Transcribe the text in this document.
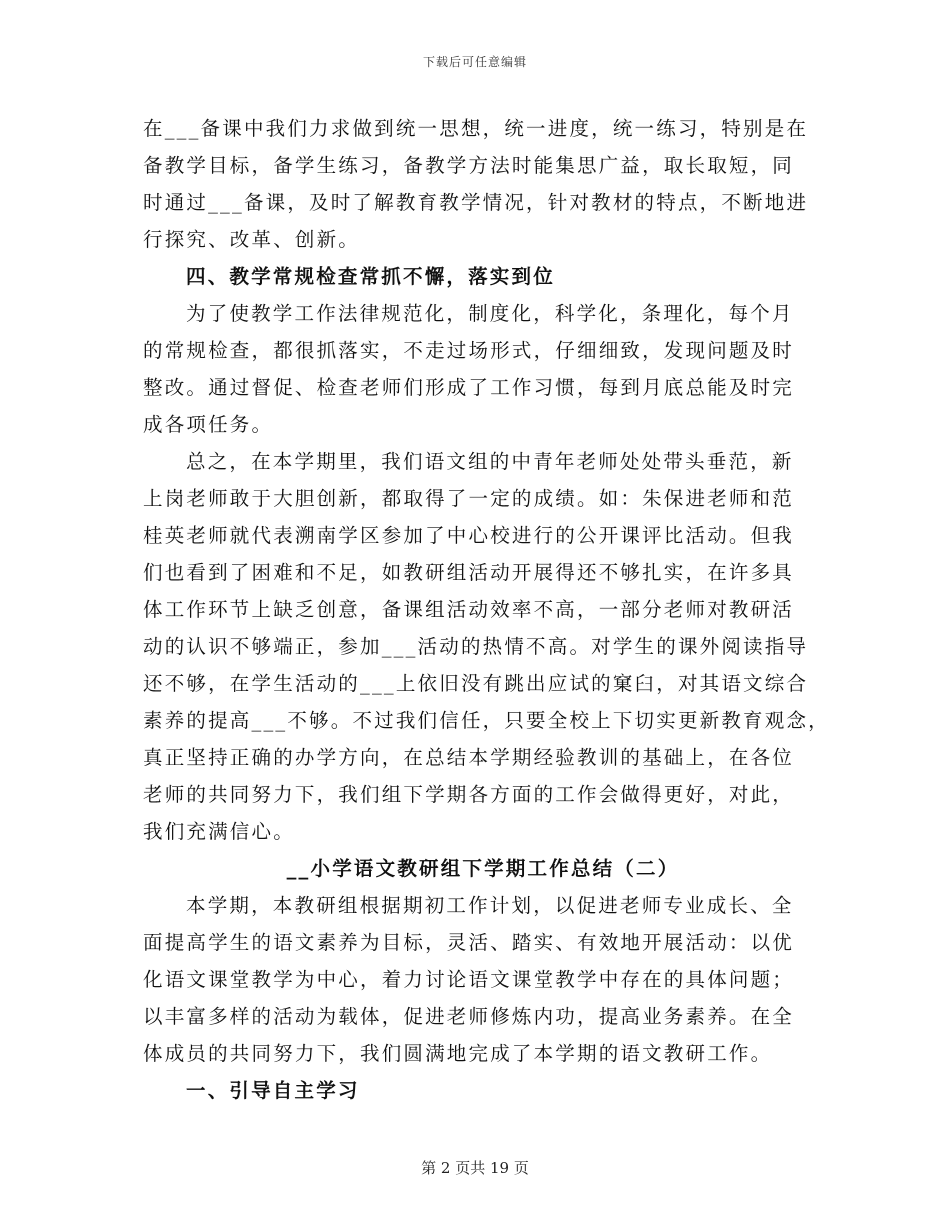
下载后可任意编辑
在___备课中我们力求做到统一思想，统一进度，统一练习，特别是在
备教学目标，备学生练习，备教学方法时能集思广益，取长取短，同
时通过___备课，及时了解教育教学情况，针对教材的特点，不断地进
行探究、改革、创新。
四、教学常规检查常抓不懈，落实到位
为了使教学工作法律规范化，制度化，科学化，条理化，每个月
的常规检查，都很抓落实，不走过场形式，仔细细致，发现问题及时
整改。通过督促、检查老师们形成了工作习惯，每到月底总能及时完
成各项任务。
总之，在本学期里，我们语文组的中青年老师处处带头垂范，新
上岗老师敢于大胆创新，都取得了一定的成绩。如：朱保进老师和范
桂英老师就代表溯南学区参加了中心校进行的公开课评比活动。但我
们也看到了困难和不足，如教研组活动开展得还不够扎实，在许多具
体工作环节上缺乏创意，备课组活动效率不高，一部分老师对教研活
动的认识不够端正，参加___活动的热情不高。对学生的课外阅读指导
还不够，在学生活动的___上依旧没有跳出应试的窠臼，对其语文综合
素养的提高___不够。不过我们信任，只要全校上下切实更新教育观念，
真正坚持正确的办学方向，在总结本学期经验教训的基础上，在各位
老师的共同努力下，我们组下学期各方面的工作会做得更好，对此，
我们充满信心。
__小学语文教研组下学期工作总结（二）
本学期，本教研组根据期初工作计划，以促进老师专业成长、全
面提高学生的语文素养为目标，灵活、踏实、有效地开展活动：以优
化语文课堂教学为中心，着力讨论语文课堂教学中存在的具体问题；
以丰富多样的活动为载体，促进老师修炼内功，提高业务素养。在全
体成员的共同努力下，我们圆满地完成了本学期的语文教研工作。
一、引导自主学习
第 2 页共 19 页
